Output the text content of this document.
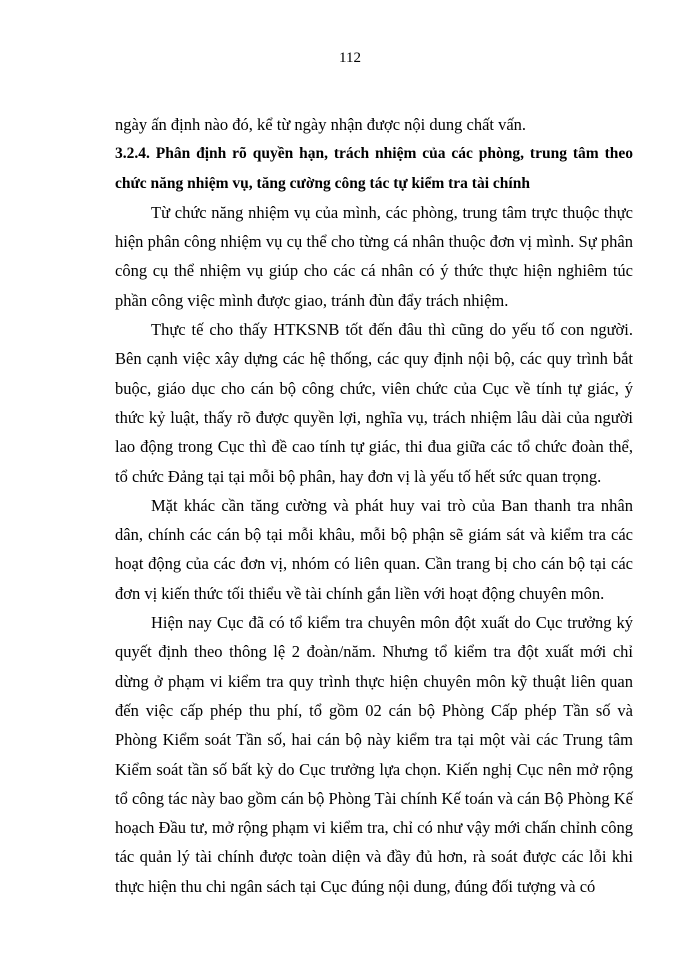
112

ngày ấn định nào đó, kể từ ngày nhận được nội dung chất vấn.

3.2.4. Phân định rõ quyền hạn, trách nhiệm của các phòng, trung tâm theo chức năng nhiệm vụ, tăng cường công tác tự kiểm tra tài chính

Từ chức năng nhiệm vụ của mình, các phòng, trung tâm trực thuộc thực hiện phân công nhiệm vụ cụ thể cho từng cá nhân thuộc đơn vị mình. Sự phân công cụ thể nhiệm vụ giúp cho các cá nhân có ý thức thực hiện nghiêm túc phần công việc mình được giao, tránh đùn đẩy trách nhiệm.

Thực tế cho thấy HTKSNB tốt đến đâu thì cũng do yếu tố con người. Bên cạnh việc xây dựng các hệ thống, các quy định nội bộ, các quy trình bắt buộc, giáo dục cho cán bộ công chức, viên chức của Cục về tính tự giác, ý thức kỷ luật, thấy rõ được quyền lợi, nghĩa vụ, trách nhiệm lâu dài của người lao động trong Cục thì đề cao tính tự giác, thi đua giữa các tổ chức đoàn thể, tổ chức Đảng tại tại mỗi bộ phân, hay đơn vị là yếu tố hết sức quan trọng.

Mặt khác cần tăng cường và phát huy vai trò của Ban thanh tra nhân dân, chính các cán bộ tại mỗi khâu, mỗi bộ phận sẽ giám sát và kiểm tra các hoạt động của các đơn vị, nhóm có liên quan. Cần trang bị cho cán bộ tại các đơn vị kiến thức tối thiểu về tài chính gắn liền với hoạt động chuyên môn.

Hiện nay Cục đã có tổ kiểm tra chuyên môn đột xuất do Cục trưởng ký quyết định theo thông lệ 2 đoàn/năm. Nhưng tổ kiểm tra đột xuất mới chỉ dừng ở phạm vi kiểm tra quy trình thực hiện chuyên môn kỹ thuật liên quan đến việc cấp phép thu phí, tổ gồm 02 cán bộ Phòng Cấp phép Tần số và Phòng Kiểm soát Tần số, hai cán bộ này kiểm tra tại một vài các Trung tâm Kiểm soát tần số bất kỳ do Cục trưởng lựa chọn. Kiến nghị Cục nên mở rộng tổ công tác này bao gồm cán bộ Phòng Tài chính Kế toán và cán Bộ Phòng Kế hoạch Đầu tư, mở rộng phạm vi kiểm tra, chỉ có như vậy mới chấn chỉnh công tác quản lý tài chính được toàn diện và đầy đủ hơn, rà soát được các lỗi khi thực hiện thu chi ngân sách tại Cục đúng nội dung, đúng đối tượng và có
